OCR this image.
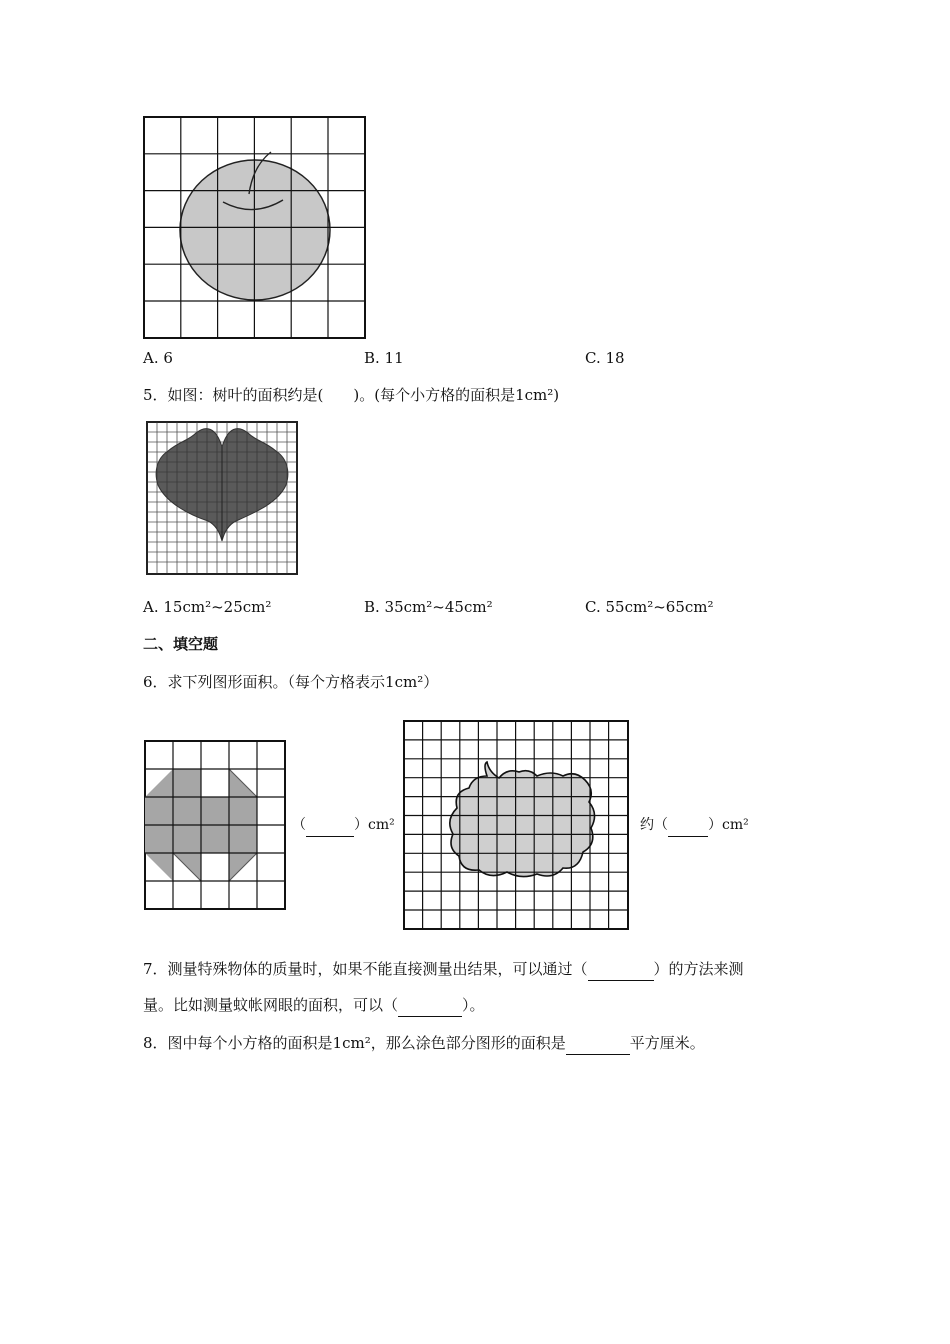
A. 6	B. 11	C. 18
5．如图：树叶的面积约是(　　)。(每个小方格的面积是1cm²)
A. 15cm²~25cm²	B. 35cm²~45cm²	C. 55cm²~65cm²
二、填空题
6．求下列图形面积。（每个方格表示1cm²）
（	）cm²	约（	）cm²
7．测量特殊物体的质量时，如果不能直接测量出结果，可以通过（	）的方法来测
量。比如测量蚊帐网眼的面积，可以（	）。
8．图中每个小方格的面积是1cm²，那么涂色部分图形的面积是	平方厘米。
